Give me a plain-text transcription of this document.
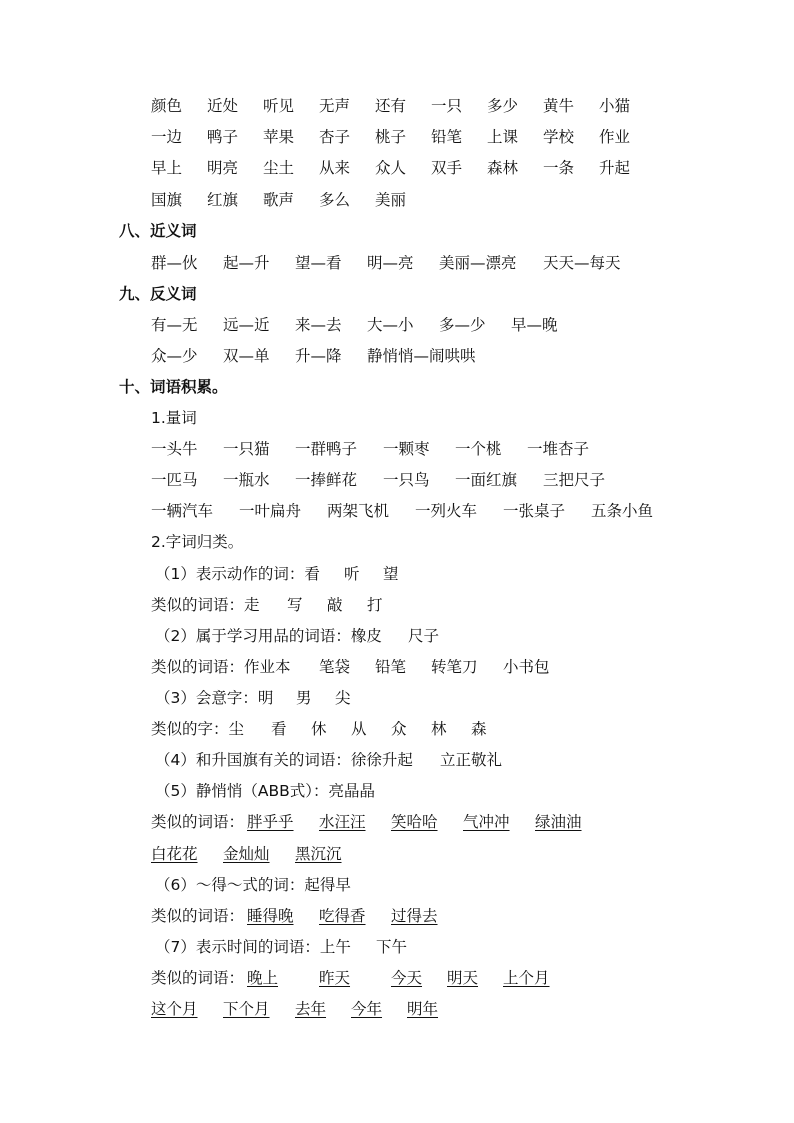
颜色 近处 听见 无声 还有 一只 多少 黄牛 小猫
一边 鸭子 苹果 杏子 桃子 铅笔 上课 学校 作业
早上 明亮 尘土 从来 众人 双手 森林 一条 升起
国旗 红旗 歌声 多么 美丽
八、近义词
群—伙 起—升 望—看 明—亮 美丽—漂亮 天天—每天
九、反义词
有—无 远—近 来—去 大—小 多—少 早—晚
众—少 双—单 升—降 静悄悄—闹哄哄
十、词语积累。
1.量词
一头牛 一只猫 一群鸭子 一颗枣 一个桃 一堆杏子
一匹马 一瓶水 一捧鲜花 一只鸟 一面红旗 三把尺子
一辆汽车 一叶扁舟 两架飞机 一列火车 一张桌子 五条小鱼
2.字词归类。
（1）表示动作的词：看 听 望
类似的词语：走 写 敲 打
（2）属于学习用品的词语：橡皮 尺子
类似的词语：作业本 笔袋 铅笔 转笔刀 小书包
（3）会意字：明 男 尖
类似的字：尘 看 休 从 众 林 森
（4）和升国旗有关的词语：徐徐升起 立正敬礼
（5）静悄悄（ABB式）：亮晶晶
类似的词语： 胖乎乎 水汪汪 笑哈哈 气冲冲 绿油油
白花花 金灿灿 黑沉沉
（6）～得～式的词：起得早
类似的词语： 睡得晚 吃得香 过得去
（7）表示时间的词语：上午 下午
类似的词语： 晚上	昨天	今天 明天 上个月
这个月 下个月 去年 今年 明年
